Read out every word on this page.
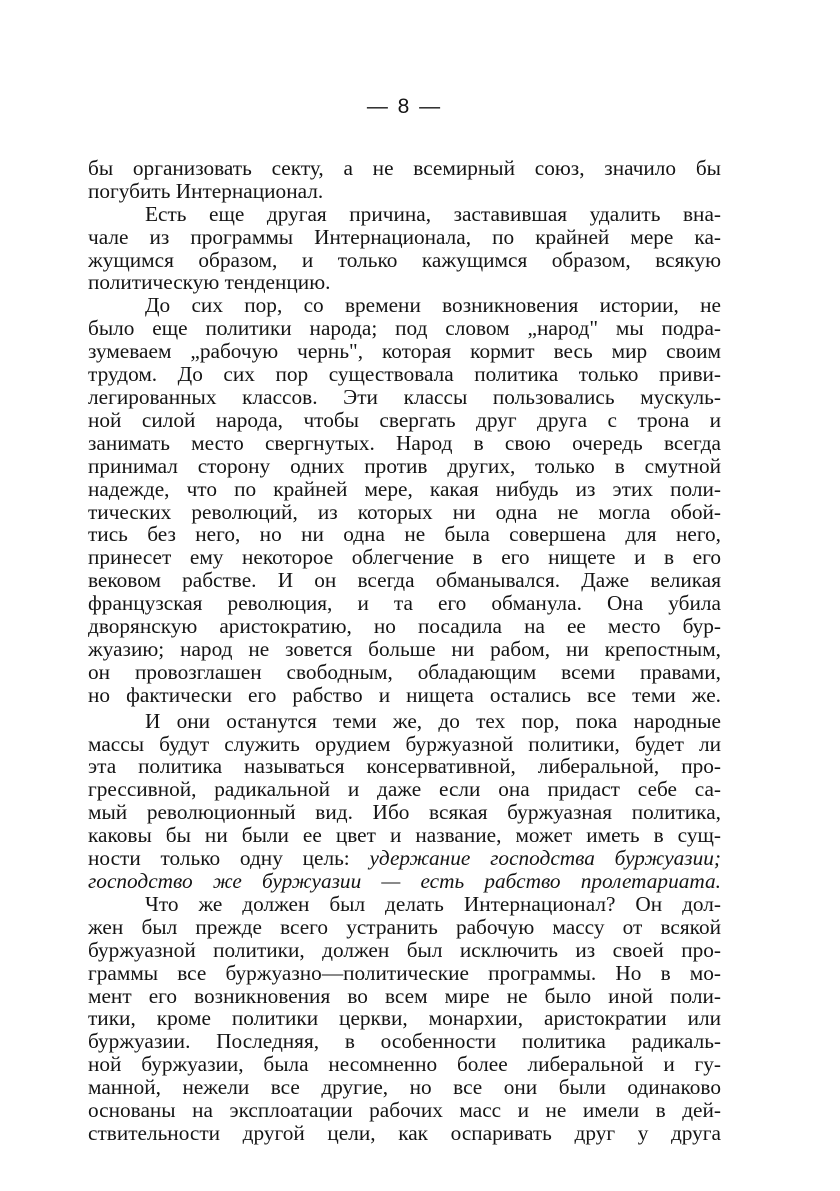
— 8 —

бы организовать секту, а не всемирный союз, значило бы
погубить Интернационал.

Есть еще другая причина, заставившая удалить вна-
чале из программы Интернационала, по крайней мере ка-
жущимся образом, и только кажущимся образом, всякую
политическую тенденцию.

До сих пор, со времени возникновения истории, не
было еще политики народа; под словом „народ" мы подра-
зумеваем „рабочую чернь", которая кормит весь мир своим
трудом. До сих пор существовала политика только приви-
легированных классов. Эти классы пользовались мускуль-
ной силой народа, чтобы свергать друг друга с трона и
занимать место свергнутых. Народ в свою очередь всегда
принимал сторону одних против других, только в смутной
надежде, что по крайней мере, какая нибудь из этих поли-
тических революций, из которых ни одна не могла обой-
тись без него, но ни одна не была совершена для него,
принесет ему некоторое облегчение в его нищете и в его
вековом рабстве. И он всегда обманывался. Даже великая
французская революция, и та его обманула. Она убила
дворянскую аристократию, но посадила на ее место бур-
жуазию; народ не зовется больше ни рабом, ни крепостным,
он провозглашен свободным, обладающим всеми правами,
но фактически его рабство и нищета остались все теми же.

И они останутся теми же, до тех пор, пока народные
массы будут служить орудием буржуазной политики, будет ли
эта политика называться консервативной, либеральной, про-
грессивной, радикальной и даже если она придаст себе са-
мый революционный вид. Ибо всякая буржуазная политика,
каковы бы ни были ее цвет и название, может иметь в сущ-
ности только одну цель: удержание господства буржуазии;
господство же буржуазии — есть рабство пролетариата.

Что же должен был делать Интернационал? Он дол-
жен был прежде всего устранить рабочую массу от всякой
буржуазной политики, должен был исключить из своей про-
граммы все буржуазно—политические программы. Но в мо-
мент его возникновения во всем мире не было иной поли-
тики, кроме политики церкви, монархии, аристократии или
буржуазии. Последняя, в особенности политика радикаль-
ной буржуазии, была несомненно более либеральной и гу-
манной, нежели все другие, но все они были одинаково
основаны на эксплоатации рабочих масс и не имели в дей-
ствительности другой цели, как оспаривать друг у друга
